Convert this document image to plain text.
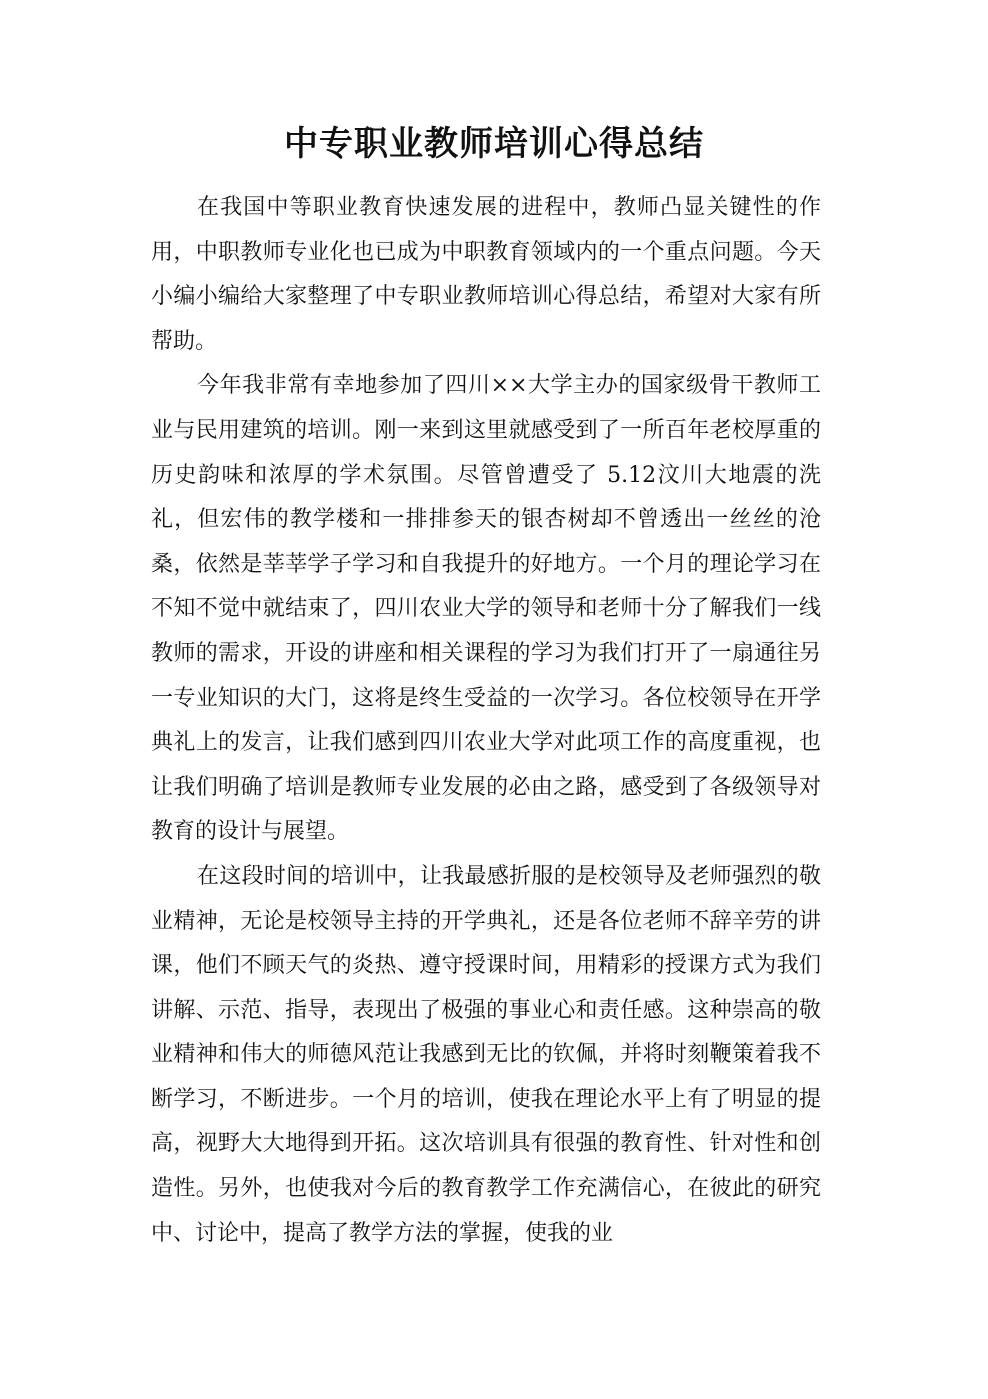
中专职业教师培训心得总结

在我国中等职业教育快速发展的进程中，教师凸显关键性的作用，中职教师专业化也已成为中职教育领域内的一个重点问题。今天小编小编给大家整理了中专职业教师培训心得总结，希望对大家有所帮助。

今年我非常有幸地参加了四川××大学主办的国家级骨干教师工业与民用建筑的培训。刚一来到这里就感受到了一所百年老校厚重的历史韵味和浓厚的学术氛围。尽管曾遭受了 5.12汶川大地震的洗礼，但宏伟的教学楼和一排排参天的银杏树却不曾透出一丝丝的沧桑，依然是莘莘学子学习和自我提升的好地方。一个月的理论学习在不知不觉中就结束了，四川农业大学的领导和老师十分了解我们一线教师的需求，开设的讲座和相关课程的学习为我们打开了一扇通往另一专业知识的大门，这将是终生受益的一次学习。各位校领导在开学典礼上的发言，让我们感到四川农业大学对此项工作的高度重视，也让我们明确了培训是教师专业发展的必由之路，感受到了各级领导对教育的设计与展望。

在这段时间的培训中，让我最感折服的是校领导及老师强烈的敬业精神，无论是校领导主持的开学典礼，还是各位老师不辞辛劳的讲课，他们不顾天气的炎热、遵守授课时间，用精彩的授课方式为我们讲解、示范、指导，表现出了极强的事业心和责任感。这种崇高的敬业精神和伟大的师德风范让我感到无比的钦佩，并将时刻鞭策着我不断学习，不断进步。一个月的培训，使我在理论水平上有了明显的提高，视野大大地得到开拓。这次培训具有很强的教育性、针对性和创造性。另外，也使我对今后的教育教学工作充满信心，在彼此的研究中、讨论中，提高了教学方法的掌握，使我的业
